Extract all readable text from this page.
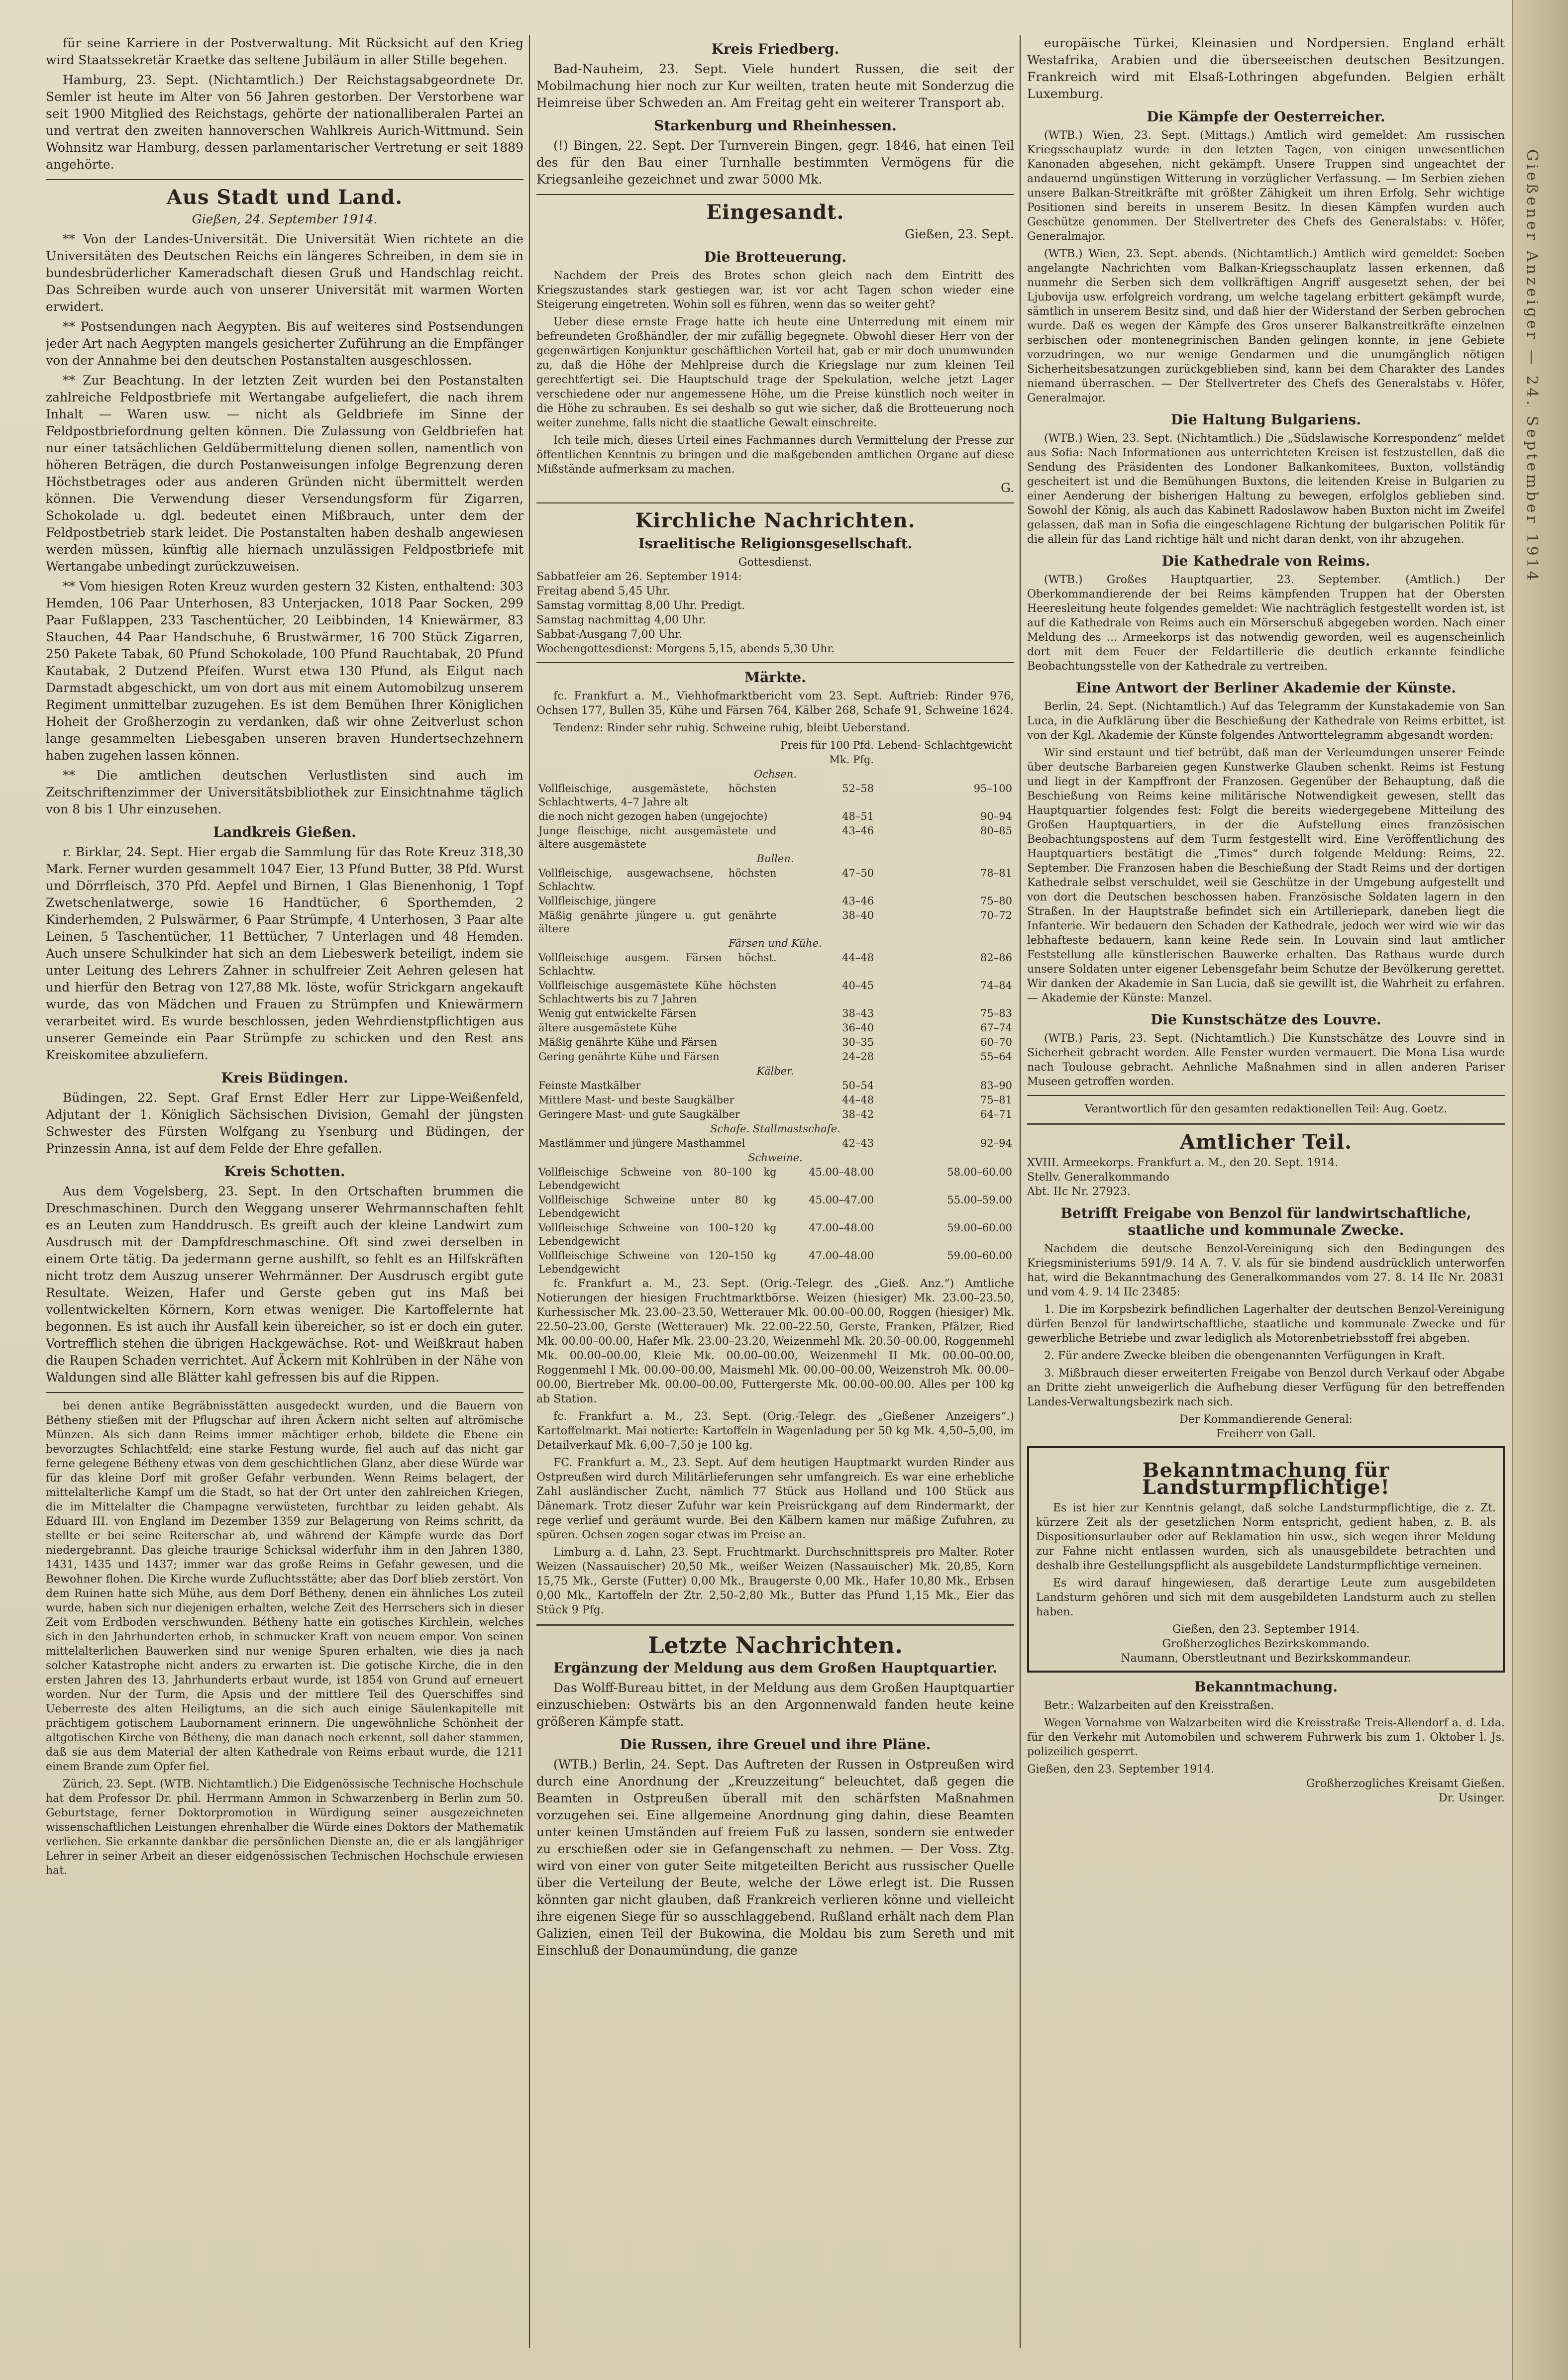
für seine Karriere in der Postverwaltung. Mit Rücksicht auf den Krieg wird Staatssekretär Kraetke das seltene Jubiläum in aller Stille begehen.

Hamburg, 23. Sept. (Nichtamtlich.) Der Reichstagsabgeordnete Dr. Semler ist heute im Alter von 56 Jahren gestorben. Der Verstorbene war seit 1900 Mitglied des Reichstags, gehörte der nationalliberalen Partei an und vertrat den zweiten hannoverschen Wahlkreis Aurich-Wittmund. Sein Wohnsitz war Hamburg, dessen parlamentarischer Vertretung er seit 1889 angehörte.

Aus Stadt und Land.
Gießen, 24. September 1914.

** Von der Landes-Universität. Die Universität Wien richtete an die Universitäten des Deutschen Reichs ein längeres Schreiben, in dem sie in bundesbrüderlicher Kameradschaft diesen Gruß und Handschlag reicht. Das Schreiben wurde auch von unserer Universität mit warmen Worten erwidert.

** Postsendungen nach Aegypten. Bis auf weiteres sind Postsendungen jeder Art nach Aegypten mangels gesicherter Zuführung an die Empfänger von der Annahme bei den deutschen Postanstalten ausgeschlossen.

** Zur Beachtung. In der letzten Zeit wurden bei den Postanstalten zahlreiche Feldpostbriefe mit Wertangabe aufgeliefert, die nach ihrem Inhalt — Waren usw. — nicht als Geldbriefe im Sinne der Feldpostbriefordnung gelten können. Die Zulassung von Geldbriefen hat nur einer tatsächlichen Geldübermittelung dienen sollen, namentlich von höheren Beträgen, die durch Postanweisungen infolge Begrenzung deren Höchstbetrages oder aus anderen Gründen nicht übermittelt werden können. Die Verwendung dieser Versendungsform für Zigarren, Schokolade u. dgl. bedeutet einen Mißbrauch, unter dem der Feldpostbetrieb stark leidet. Die Postanstalten haben deshalb angewiesen werden müssen, künftig alle hiernach unzulässigen Feldpostbriefe mit Wertangabe unbedingt zurückzuweisen.

** Vom hiesigen Roten Kreuz wurden gestern 32 Kisten, enthaltend: 303 Hemden, 106 Paar Unterhosen, 83 Unterjacken, 1018 Paar Socken, 299 Paar Fußlappen, 233 Taschentücher, 20 Leibbinden, 14 Kniewärmer, 83 Stauchen, 44 Paar Handschuhe, 6 Brustwärmer, 16 700 Stück Zigarren, 250 Pakete Tabak, 60 Pfund Schokolade, 100 Pfund Rauchtabak, 20 Pfund Kautabak, 2 Dutzend Pfeifen. Wurst etwa 130 Pfund, als Eilgut nach Darmstadt abgeschickt, um von dort aus mit einem Automobilzug unserem Regiment unmittelbar zuzugehen. Es ist dem Bemühen Ihrer Königlichen Hoheit der Großherzogin zu verdanken, daß wir ohne Zeitverlust schon lange gesammelten Liebesgaben unseren braven Hundertsechzehnern haben zugehen lassen können.

** Die amtlichen deutschen Verlustlisten sind auch im Zeitschriftenzimmer der Universitätsbibliothek zur Einsichtnahme täglich von 8 bis 1 Uhr einzusehen.

Landkreis Gießen.

r. Birklar, 24. Sept. Hier ergab die Sammlung für das Rote Kreuz 318,30 Mark. Ferner wurden gesammelt 1047 Eier, 13 Pfund Butter, 38 Pfd. Wurst und Dörrfleisch, 370 Pfd. Aepfel und Birnen, 1 Glas Bienenhonig, 1 Topf Zwetschenlatwerge, sowie 16 Handtücher, 6 Sporthemden, 2 Kinderhemden, 2 Pulswärmer, 6 Paar Strümpfe, 4 Unterhosen, 3 Paar alte Leinen, 5 Taschentücher, 11 Bettücher, 7 Unterlagen und 48 Hemden. Auch unsere Schulkinder hat sich an dem Liebeswerk beteiligt, indem sie unter Leitung des Lehrers Zahner in schulfreier Zeit Aehren gelesen hat und hierfür den Betrag von 127,88 Mk. löste, wofür Strickgarn angekauft wurde, das von Mädchen und Frauen zu Strümpfen und Kniewärmern verarbeitet wird. Es wurde beschlossen, jeden Wehrdienstpflichtigen aus unserer Gemeinde ein Paar Strümpfe zu schicken und den Rest ans Kreiskomitee abzuliefern.

Kreis Büdingen.

Büdingen, 22. Sept. Graf Ernst Edler Herr zur Lippe-Weißenfeld, Adjutant der 1. Königlich Sächsischen Division, Gemahl der jüngsten Schwester des Fürsten Wolfgang zu Ysenburg und Büdingen, der Prinzessin Anna, ist auf dem Felde der Ehre gefallen.

Kreis Schotten.

Aus dem Vogelsberg, 23. Sept. In den Ortschaften brummen die Dreschmaschinen. Durch den Weggang unserer Wehrmannschaften fehlt es an Leuten zum Handdrusch. Es greift auch der kleine Landwirt zum Ausdrusch mit der Dampfdreschmaschine. Oft sind zwei derselben in einem Orte tätig. Da jedermann gerne aushilft, so fehlt es an Hilfskräften nicht trotz dem Auszug unserer Wehrmänner. Der Ausdrusch ergibt gute Resultate. Weizen, Hafer und Gerste geben gut ins Maß bei vollentwickelten Körnern, Korn etwas weniger. Die Kartoffelernte hat begonnen. Es ist auch ihr Ausfall kein übereicher, so ist er doch ein guter. Vortrefflich stehen die übrigen Hackgewächse. Rot- und Weißkraut haben die Raupen Schaden verrichtet. Auf Äckern mit Kohlrüben in der Nähe von Waldungen sind alle Blätter kahl gefressen bis auf die Rippen.

bei denen antike Begräbnisstätten ausgedeckt wurden, und die Bauern von Bétheny stießen mit der Pflugschar auf ihren Äckern nicht selten auf altrömische Münzen. Als sich dann Reims immer mächtiger erhob, bildete die Ebene ein bevorzugtes Schlachtfeld; eine starke Festung wurde, fiel auch auf das nicht gar ferne gelegene Bétheny etwas von dem geschichtlichen Glanz, aber diese Würde war für das kleine Dorf mit großer Gefahr verbunden. Wenn Reims belagert, der mittelalterliche Kampf um die Stadt, so hat der Ort unter den zahlreichen Kriegen, die im Mittelalter die Champagne verwüsteten, furchtbar zu leiden gehabt. Als Eduard III. von England im Dezember 1359 zur Belagerung von Reims schritt, da stellte er bei seine Reiterschar ab, und während der Kämpfe wurde das Dorf niedergebrannt. Das gleiche traurige Schicksal widerfuhr ihm in den Jahren 1380, 1431, 1435 und 1437; immer war das große Reims in Gefahr gewesen, und die Bewohner flohen. Die Kirche wurde Zufluchtsstätte; aber das Dorf blieb zerstört. Von dem Ruinen hatte sich Mühe, aus dem Dorf Bétheny, denen ein ähnliches Los zuteil wurde, haben sich nur diejenigen erhalten, welche Zeit des Herrschers sich in dieser Zeit vom Erdboden verschwunden. Bétheny hatte ein gotisches Kirchlein, welches sich in den Jahrhunderten erhob, in schmucker Kraft von neuem empor. Von seinen mittelalterlichen Bauwerken sind nur wenige Spuren erhalten, wie dies ja nach solcher Katastrophe nicht anders zu erwarten ist. Die gotische Kirche, die in den ersten Jahren des 13. Jahrhunderts erbaut wurde, ist 1854 von Grund auf erneuert worden. Nur der Turm, die Apsis und der mittlere Teil des Querschiffes sind Ueberreste des alten Heiligtums, an die sich auch einige Säulenkapitelle mit prächtigem gotischem Laubornament erinnern. Die ungewöhnliche Schönheit der altgotischen Kirche von Bétheny, die man danach noch erkennt, soll daher stammen, daß sie aus dem Material der alten Kathedrale von Reims erbaut wurde, die 1211 einem Brande zum Opfer fiel.

Zürich, 23. Sept. (WTB. Nichtamtlich.) Die Eidgenössische Technische Hochschule hat dem Professor Dr. phil. Herrmann Ammon in Schwarzenberg in Berlin zum 50. Geburtstage, ferner Doktorpromotion in Würdigung seiner ausgezeichneten wissenschaftlichen Leistungen ehrenhalber die Würde eines Doktors der Mathematik verliehen. Sie erkannte dankbar die persönlichen Dienste an, die er als langjähriger Lehrer in seiner Arbeit an dieser eidgenössischen Technischen Hochschule erwiesen hat.

Kreis Friedberg.

Bad-Nauheim, 23. Sept. Viele hundert Russen, die seit der Mobilmachung hier noch zur Kur weilten, traten heute mit Sonderzug die Heimreise über Schweden an. Am Freitag geht ein weiterer Transport ab.

Starkenburg und Rheinhessen.

(!) Bingen, 22. Sept. Der Turnverein Bingen, gegr. 1846, hat einen Teil des für den Bau einer Turnhalle bestimmten Vermögens für die Kriegsanleihe gezeichnet und zwar 5000 Mk.

Eingesandt.
Gießen, 23. Sept.
Die Brotteuerung.

Nachdem der Preis des Brotes schon gleich nach dem Eintritt des Kriegszustandes stark gestiegen war, ist vor acht Tagen schon wieder eine Steigerung eingetreten. Wohin soll es führen, wenn das so weiter geht?

Ueber diese ernste Frage hatte ich heute eine Unterredung mit einem mir befreundeten Großhändler, der mir zufällig begegnete. Obwohl dieser Herr von der gegenwärtigen Konjunktur geschäftlichen Vorteil hat, gab er mir doch unumwunden zu, daß die Höhe der Mehlpreise durch die Kriegslage nur zum kleinen Teil gerechtfertigt sei. Die Hauptschuld trage der Spekulation, welche jetzt Lager verschiedene oder nur angemessene Höhe, um die Preise künstlich noch weiter in die Höhe zu schrauben. Es sei deshalb so gut wie sicher, daß die Brotteuerung noch weiter zunehme, falls nicht die staatliche Gewalt einschreite.

Ich teile mich, dieses Urteil eines Fachmannes durch Vermittelung der Presse zur öffentlichen Kenntnis zu bringen und die maßgebenden amtlichen Organe auf diese Mißstände aufmerksam zu machen.

G.
Kirchliche Nachrichten.
Israelitische Religionsgesellschaft.
Gottesdienst.
Sabbatfeier am 26. September 1914:
Freitag abend 5,45 Uhr.
Samstag vormittag 8,00 Uhr. Predigt.
Samstag nachmittag 4,00 Uhr.
Sabbat-Ausgang 7,00 Uhr.
Wochengottesdienst: Morgens 5,15, abends 5,30 Uhr.
Märkte.

fc. Frankfurt a. M., Viehhofmarktbericht vom 23. Sept. Auftrieb: Rinder 976, Ochsen 177, Bullen 35, Kühe und Färsen 764, Kälber 268, Schafe 91, Schweine 1624.

Tendenz: Rinder sehr ruhig. Schweine ruhig, bleibt Ueberstand.

	Preis für 100 Pfd.	Lebend- Schlachtgewicht
	Mk. Pfg.	
Ochsen.		
Vollfleischige, ausgemästete, höchsten Schlachtwerts, 4–7 Jahre alt	52–58	95–100
die noch nicht gezogen haben (ungejochte)	48–51	90–94
Junge fleischige, nicht ausgemästete und ältere ausgemästete	43–46	80–85
Bullen.		
Vollfleischige, ausgewachsene, höchsten Schlachtw.	47–50	78–81
Vollfleischige, jüngere	43–46	75–80
Mäßig genährte jüngere u. gut genährte ältere	38–40	70–72
Färsen und Kühe.		
Vollfleischige ausgem. Färsen höchst. Schlachtw.	44–48	82–86
Vollfleischige ausgemästete Kühe höchsten Schlachtwerts bis zu 7 Jahren	40–45	74–84
Wenig gut entwickelte Färsen	38–43	75–83
ältere ausgemästete Kühe	36–40	67–74
Mäßig genährte Kühe und Färsen	30–35	60–70
Gering genährte Kühe und Färsen	24–28	55–64
Kälber.		
Feinste Mastkälber	50–54	83–90
Mittlere Mast- und beste Saugkälber	44–48	75–81
Geringere Mast- und gute Saugkälber	38–42	64–71
Schafe. Stallmastschafe.		
Mastlämmer und jüngere Masthammel	42–43	92–94
Schweine.		
Vollfleischige Schweine von 80–100 kg Lebendgewicht	45.00–48.00	58.00–60.00
Vollfleischige Schweine unter 80 kg Lebendgewicht	45.00–47.00	55.00–59.00
Vollfleischige Schweine von 100–120 kg Lebendgewicht	47.00–48.00	59.00–60.00
Vollfleischige Schweine von 120–150 kg Lebendgewicht	47.00–48.00	59.00–60.00

fc. Frankfurt a. M., 23. Sept. (Orig.-Telegr. des „Gieß. Anz.“) Amtliche Notierungen der hiesigen Fruchtmarktbörse. Weizen (hiesiger) Mk. 23.00–23.50, Kurhessischer Mk. 23.00–23.50, Wetterauer Mk. 00.00–00.00, Roggen (hiesiger) Mk. 22.50–23.00, Gerste (Wetterauer) Mk. 22.00–22.50, Gerste, Franken, Pfälzer, Ried Mk. 00.00–00.00, Hafer Mk. 23.00–23.20, Weizenmehl Mk. 20.50–00.00, Roggenmehl Mk. 00.00–00.00, Kleie Mk. 00.00–00.00, Weizenmehl II Mk. 00.00–00.00, Roggenmehl I Mk. 00.00–00.00, Maismehl Mk. 00.00–00.00, Weizenstroh Mk. 00.00–00.00, Biertreber Mk. 00.00–00.00, Futtergerste Mk. 00.00–00.00. Alles per 100 kg ab Station.

fc. Frankfurt a. M., 23. Sept. (Orig.-Telegr. des „Gießener Anzeigers“.) Kartoffelmarkt. Mai notierte: Kartoffeln in Wagenladung per 50 kg Mk. 4,50–5,00, im Detailverkauf Mk. 6,00–7,50 je 100 kg.

FC. Frankfurt a. M., 23. Sept. Auf dem heutigen Hauptmarkt wurden Rinder aus Ostpreußen wird durch Militärlieferungen sehr umfangreich. Es war eine erhebliche Zahl ausländischer Zucht, nämlich 77 Stück aus Holland und 100 Stück aus Dänemark. Trotz dieser Zufuhr war kein Preisrückgang auf dem Rindermarkt, der rege verlief und geräumt wurde. Bei den Kälbern kamen nur mäßige Zufuhren, zu spüren. Ochsen zogen sogar etwas im Preise an.

Limburg a. d. Lahn, 23. Sept. Fruchtmarkt. Durchschnittspreis pro Malter. Roter Weizen (Nassauischer) 20,50 Mk., weißer Weizen (Nassauischer) Mk. 20,85, Korn 15,75 Mk., Gerste (Futter) 0,00 Mk., Braugerste 0,00 Mk., Hafer 10,80 Mk., Erbsen 0,00 Mk., Kartoffeln der Ztr. 2,50–2,80 Mk., Butter das Pfund 1,15 Mk., Eier das Stück 9 Pfg.

Letzte Nachrichten.
Ergänzung der Meldung aus dem Großen Hauptquartier.

Das Wolff-Bureau bittet, in der Meldung aus dem Großen Hauptquartier einzuschieben: Ostwärts bis an den Argonnenwald fanden heute keine größeren Kämpfe statt.

Die Russen, ihre Greuel und ihre Pläne.

(WTB.) Berlin, 24. Sept. Das Auftreten der Russen in Ostpreußen wird durch eine Anordnung der „Kreuzzeitung“ beleuchtet, daß gegen die Beamten in Ostpreußen überall mit den schärfsten Maßnahmen vorzugehen sei. Eine allgemeine Anordnung ging dahin, diese Beamten unter keinen Umständen auf freiem Fuß zu lassen, sondern sie entweder zu erschießen oder sie in Gefangenschaft zu nehmen. — Der Voss. Ztg. wird von einer von guter Seite mitgeteilten Bericht aus russischer Quelle über die Verteilung der Beute, welche der Löwe erlegt ist. Die Russen könnten gar nicht glauben, daß Frankreich verlieren könne und vielleicht ihre eigenen Siege für so ausschlaggebend. Rußland erhält nach dem Plan Galizien, einen Teil der Bukowina, die Moldau bis zum Sereth und mit Einschluß der Donaumündung, die ganze

europäische Türkei, Kleinasien und Nordpersien. England erhält Westafrika, Arabien und die überseeischen deutschen Besitzungen. Frankreich wird mit Elsaß-Lothringen abgefunden. Belgien erhält Luxemburg.

Die Kämpfe der Oesterreicher.

(WTB.) Wien, 23. Sept. (Mittags.) Amtlich wird gemeldet: Am russischen Kriegsschauplatz wurde in den letzten Tagen, von einigen unwesentlichen Kanonaden abgesehen, nicht gekämpft. Unsere Truppen sind ungeachtet der andauernd ungünstigen Witterung in vorzüglicher Verfassung. — Im Serbien ziehen unsere Balkan-Streitkräfte mit größter Zähigkeit um ihren Erfolg. Sehr wichtige Positionen sind bereits in unserem Besitz. In diesen Kämpfen wurden auch Geschütze genommen. Der Stellvertreter des Chefs des Generalstabs: v. Höfer, Generalmajor.

(WTB.) Wien, 23. Sept. abends. (Nichtamtlich.) Amtlich wird gemeldet: Soeben angelangte Nachrichten vom Balkan-Kriegsschauplatz lassen erkennen, daß nunmehr die Serben sich dem vollkräftigen Angriff ausgesetzt sehen, der bei Ljubovija usw. erfolgreich vordrang, um welche tagelang erbittert gekämpft wurde, sämtlich in unserem Besitz sind, und daß hier der Widerstand der Serben gebrochen wurde. Daß es wegen der Kämpfe des Gros unserer Balkanstreitkräfte einzelnen serbischen oder montenegrinischen Banden gelingen konnte, in jene Gebiete vorzudringen, wo nur wenige Gendarmen und die unumgänglich nötigen Sicherheitsbesatzungen zurückgeblieben sind, kann bei dem Charakter des Landes niemand überraschen. — Der Stellvertreter des Chefs des Generalstabs v. Höfer, Generalmajor.

Die Haltung Bulgariens.

(WTB.) Wien, 23. Sept. (Nichtamtlich.) Die „Südslawische Korrespondenz“ meldet aus Sofia: Nach Informationen aus unterrichteten Kreisen ist festzustellen, daß die Sendung des Präsidenten des Londoner Balkankomitees, Buxton, vollständig gescheitert ist und die Bemühungen Buxtons, die leitenden Kreise in Bulgarien zu einer Aenderung der bisherigen Haltung zu bewegen, erfolglos geblieben sind. Sowohl der König, als auch das Kabinett Radoslawow haben Buxton nicht im Zweifel gelassen, daß man in Sofia die eingeschlagene Richtung der bulgarischen Politik für die allein für das Land richtige hält und nicht daran denkt, von ihr abzugehen.

Die Kathedrale von Reims.

(WTB.) Großes Hauptquartier, 23. September. (Amtlich.) Der Oberkommandierende der bei Reims kämpfenden Truppen hat der Obersten Heeresleitung heute folgendes gemeldet: Wie nachträglich festgestellt worden ist, ist auf die Kathedrale von Reims auch ein Mörserschuß abgegeben worden. Nach einer Meldung des ... Armeekorps ist das notwendig geworden, weil es augenscheinlich dort mit dem Feuer der Feldartillerie die deutlich erkannte feindliche Beobachtungsstelle von der Kathedrale zu vertreiben.

Eine Antwort der Berliner Akademie der Künste.

Berlin, 24. Sept. (Nichtamtlich.) Auf das Telegramm der Kunstakademie von San Luca, in die Aufklärung über die Beschießung der Kathedrale von Reims erbittet, ist von der Kgl. Akademie der Künste folgendes Antworttelegramm abgesandt worden:

Wir sind erstaunt und tief betrübt, daß man der Verleumdungen unserer Feinde über deutsche Barbareien gegen Kunstwerke Glauben schenkt. Reims ist Festung und liegt in der Kampffront der Franzosen. Gegenüber der Behauptung, daß die Beschießung von Reims keine militärische Notwendigkeit gewesen, stellt das Hauptquartier folgendes fest: Folgt die bereits wiedergegebene Mitteilung des Großen Hauptquartiers, in der die Aufstellung eines französischen Beobachtungspostens auf dem Turm festgestellt wird. Eine Veröffentlichung des Hauptquartiers bestätigt die „Times“ durch folgende Meldung: Reims, 22. September. Die Franzosen haben die Beschießung der Stadt Reims und der dortigen Kathedrale selbst verschuldet, weil sie Geschütze in der Umgebung aufgestellt und von dort die Deutschen beschossen haben. Französische Soldaten lagern in den Straßen. In der Hauptstraße befindet sich ein Artilleriepark, daneben liegt die Infanterie. Wir bedauern den Schaden der Kathedrale, jedoch wer wird wie wir das lebhafteste bedauern, kann keine Rede sein. In Louvain sind laut amtlicher Feststellung alle künstlerischen Bauwerke erhalten. Das Rathaus wurde durch unsere Soldaten unter eigener Lebensgefahr beim Schutze der Bevölkerung gerettet. Wir danken der Akademie in San Lucia, daß sie gewillt ist, die Wahrheit zu erfahren. — Akademie der Künste: Manzel.

Die Kunstschätze des Louvre.

(WTB.) Paris, 23. Sept. (Nichtamtlich.) Die Kunstschätze des Louvre sind in Sicherheit gebracht worden. Alle Fenster wurden vermauert. Die Mona Lisa wurde nach Toulouse gebracht. Aehnliche Maßnahmen sind in allen anderen Pariser Museen getroffen worden.

Verantwortlich für den gesamten redaktionellen Teil: Aug. Goetz.
Amtlicher Teil.
XVIII. Armeekorps. Frankfurt a. M., den 20. Sept. 1914.
Stellv. Generalkommando
Abt. IIc Nr. 27923.
Betrifft Freigabe von Benzol für landwirtschaftliche, staatliche und kommunale Zwecke.

Nachdem die deutsche Benzol-Vereinigung sich den Bedingungen des Kriegsministeriums 591/9. 14 A. 7. V. als für sie bindend ausdrücklich unterworfen hat, wird die Bekanntmachung des Generalkommandos vom 27. 8. 14 IIc Nr. 20831 und vom 4. 9. 14 IIc 23485:

1. Die im Korpsbezirk befindlichen Lagerhalter der deutschen Benzol-Vereinigung dürfen Benzol für landwirtschaftliche, staatliche und kommunale Zwecke und für gewerbliche Betriebe und zwar lediglich als Motorenbetriebsstoff frei abgeben.

2. Für andere Zwecke bleiben die obengenannten Verfügungen in Kraft.

3. Mißbrauch dieser erweiterten Freigabe von Benzol durch Verkauf oder Abgabe an Dritte zieht unweigerlich die Aufhebung dieser Verfügung für den betreffenden Landes-Verwaltungsbezirk nach sich.

Der Kommandierende General:
Freiherr von Gall.
Bekanntmachung für Landsturmpflichtige!

Es ist hier zur Kenntnis gelangt, daß solche Landsturmpflichtige, die z. Zt. kürzere Zeit als der gesetzlichen Norm entspricht, gedient haben, z. B. als Dispositionsurlauber oder auf Reklamation hin usw., sich wegen ihrer Meldung zur Fahne nicht entlassen wurden, sich als unausgebildete betrachten und deshalb ihre Gestellungspflicht als ausgebildete Landsturmpflichtige verneinen.

Es wird darauf hingewiesen, daß derartige Leute zum ausgebildeten Landsturm gehören und sich mit dem ausgebildeten Landsturm auch zu stellen haben.

Gießen, den 23. September 1914.
Großherzogliches Bezirkskommando.
Naumann, Oberstleutnant und Bezirkskommandeur.
Bekanntmachung.

Betr.: Walzarbeiten auf den Kreisstraßen.

Wegen Vornahme von Walzarbeiten wird die Kreisstraße Treis-Allendorf a. d. Lda. für den Verkehr mit Automobilen und schwerem Fuhrwerk bis zum 1. Oktober l. Js. polizeilich gesperrt.

Gießen, den 23. September 1914.
Großherzogliches Kreisamt Gießen.
Dr. Usinger.
Gießener Anzeiger — 24. September 1914
